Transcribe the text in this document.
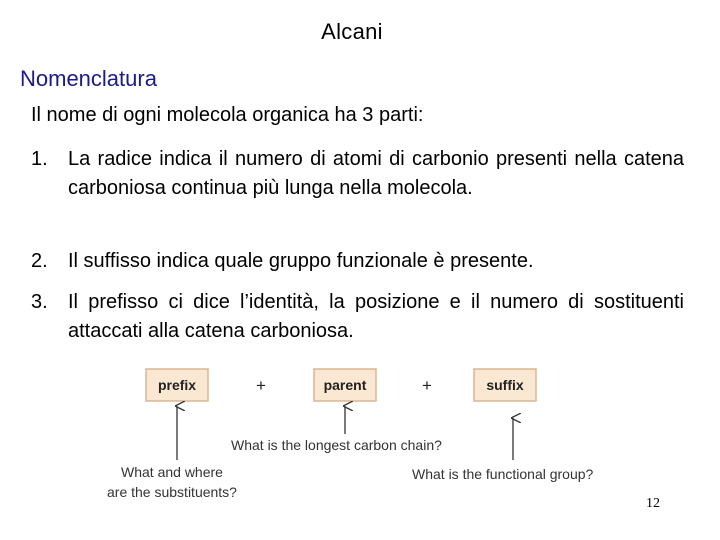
Alcani
Nomenclatura
Il nome di ogni molecola organica ha 3 parti:
1. La radice indica il numero di atomi di carbonio presenti nella catena carboniosa continua più lunga nella molecola.
2. Il suffisso indica quale gruppo funzionale è presente.
3. Il prefisso ci dice l’identità, la posizione e il numero di sostituenti attaccati alla catena carboniosa.
prefix	+	parent	+	suffix
What is the longest carbon chain?
What and where
are the substituents?
What is the functional group?
12
